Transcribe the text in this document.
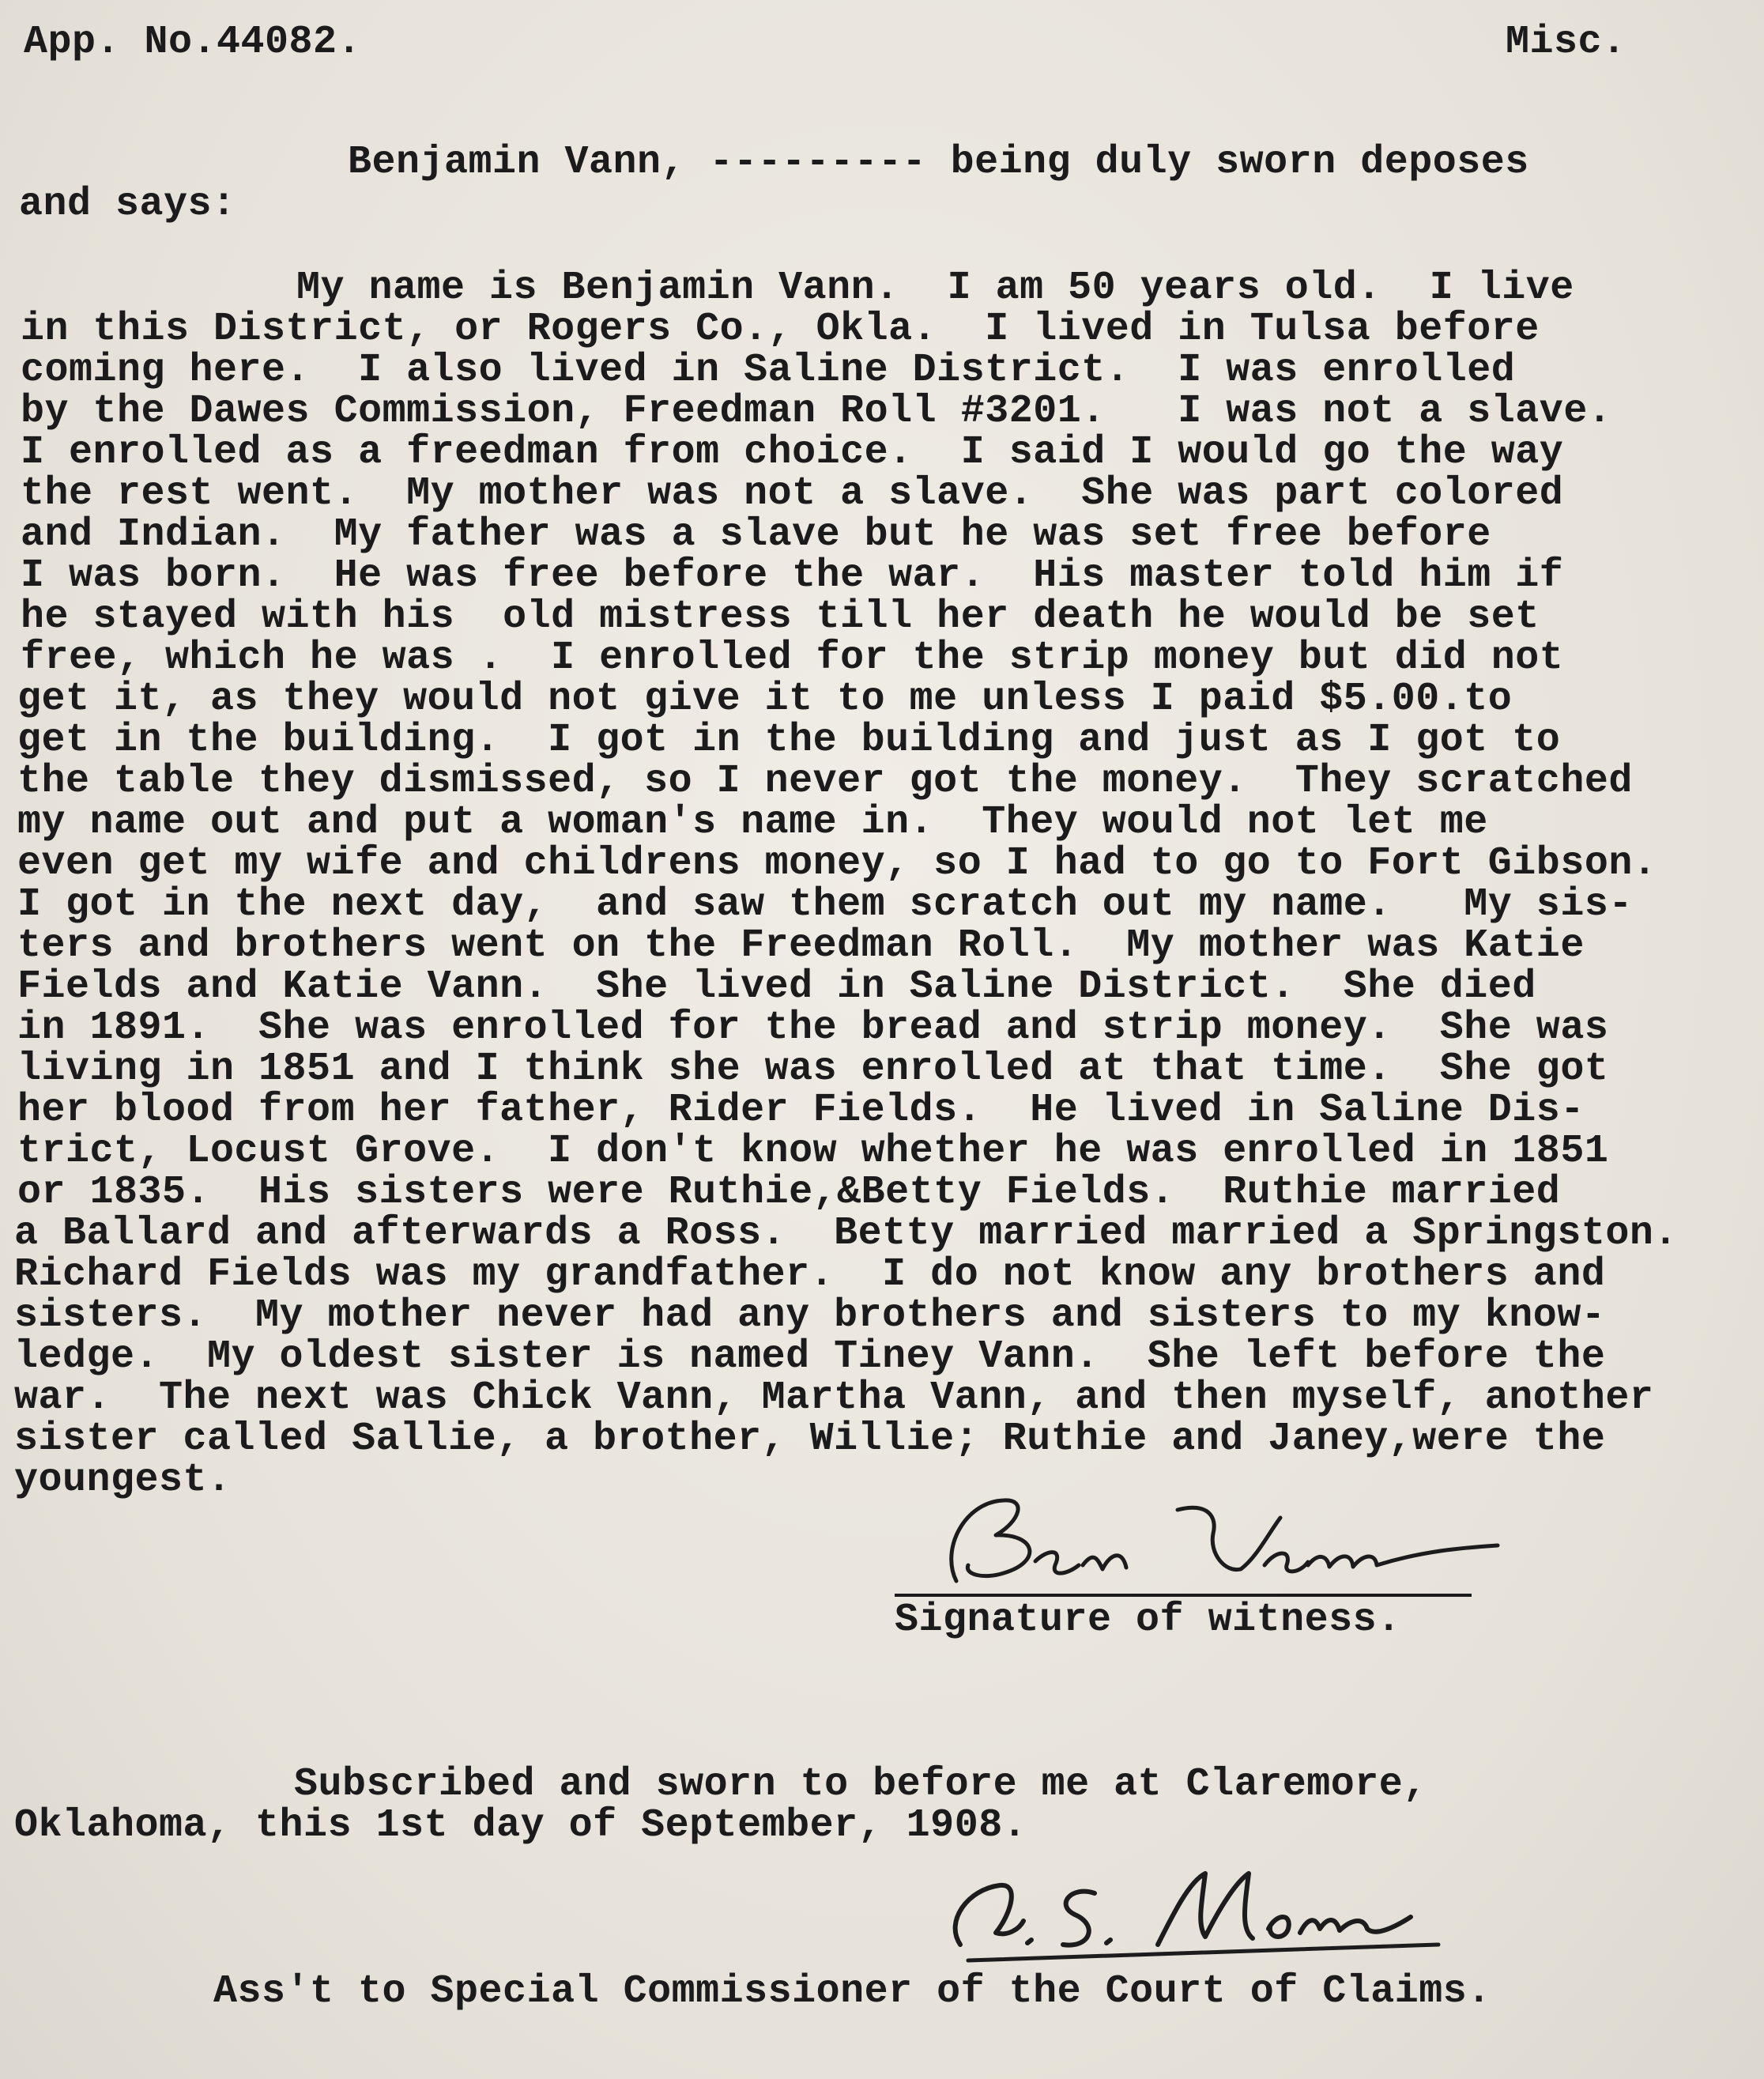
App. No.44082.	Misc.
Benjamin Vann, --------- being duly sworn deposes
and says:
My name is Benjamin Vann.  I am 50 years old.  I live
in this District, or Rogers Co., Okla.  I lived in Tulsa before
coming here.  I also lived in Saline District.  I was enrolled
by the Dawes Commission, Freedman Roll #3201.   I was not a slave.
I enrolled as a freedman from choice.  I said I would go the way
the rest went.  My mother was not a slave.  She was part colored
and Indian.  My father was a slave but he was set free before
I was born.  He was free before the war.  His master told him if
he stayed with his  old mistress till her death he would be set
free, which he was .  I enrolled for the strip money but did not
get it, as they would not give it to me unless I paid $5.00.to
get in the building.  I got in the building and just as I got to
the table they dismissed, so I never got the money.  They scratched
my name out and put a woman's name in.  They would not let me
even get my wife and childrens money, so I had to go to Fort Gibson.
I got in the next day,  and saw them scratch out my name.   My sis-
ters and brothers went on the Freedman Roll.  My mother was Katie
Fields and Katie Vann.  She lived in Saline District.  She died
in 1891.  She was enrolled for the bread and strip money.  She was
living in 1851 and I think she was enrolled at that time.  She got
her blood from her father, Rider Fields.  He lived in Saline Dis-
trict, Locust Grove.  I don't know whether he was enrolled in 1851
or 1835.  His sisters were Ruthie,&Betty Fields.  Ruthie married
a Ballard and afterwards a Ross.  Betty married married a Springston.
Richard Fields was my grandfather.  I do not know any brothers and
sisters.  My mother never had any brothers and sisters to my know-
ledge.  My oldest sister is named Tiney Vann.  She left before the
war.  The next was Chick Vann, Martha Vann, and then myself, another
sister called Sallie, a brother, Willie; Ruthie and Janey,were the
youngest.
Signature of witness.
Subscribed and sworn to before me at Claremore,
Oklahoma, this 1st day of September, 1908.
Ass't to Special Commissioner of the Court of Claims.
